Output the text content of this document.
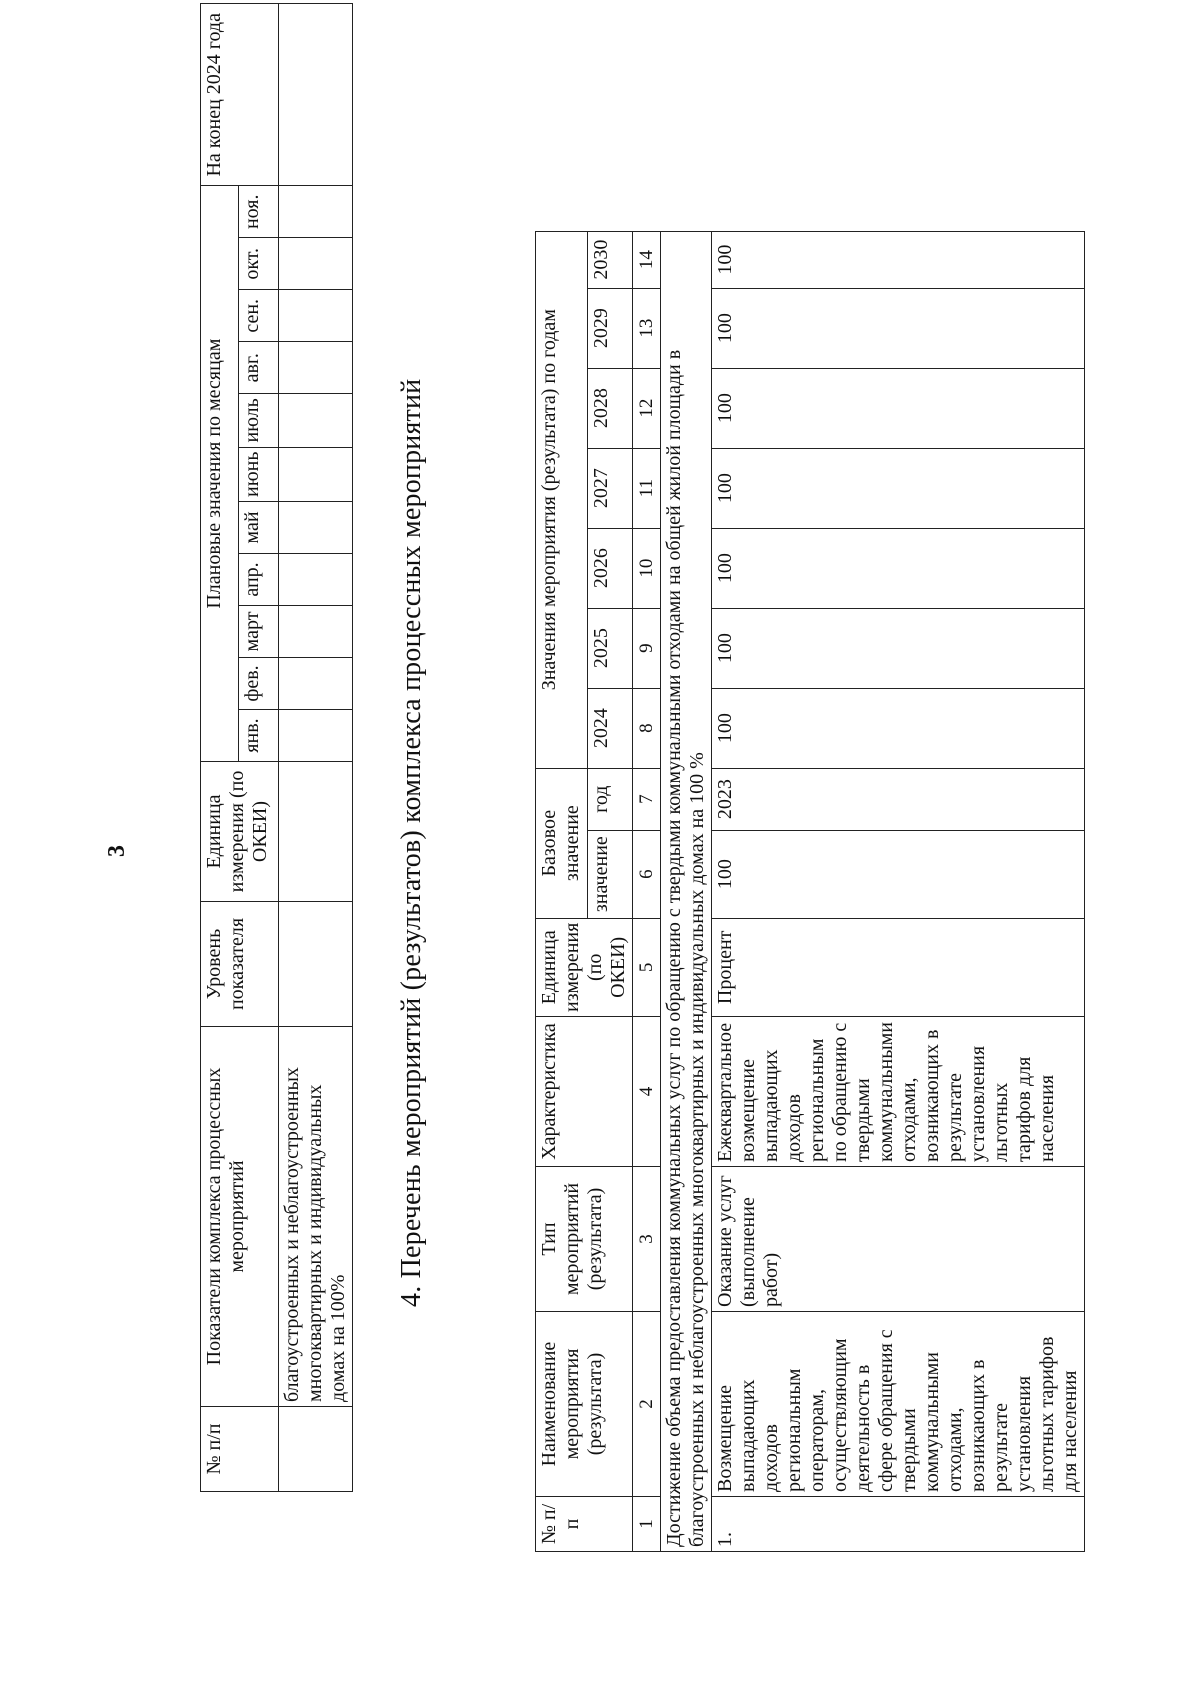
3
№ п/п	Показатели комплекса процессных мероприятий	Уровень показателя	Единица измерения (по ОКЕИ)	Плановые значения по месяцам											На конец 2024 года
				янв.	фев.	март	апр.	май	июнь	июль	авг.	сен.	окт.	ноя.	
	благоустроенных и неблагоустроенных многоквартирных и индивидуальных домах на 100%														
4. Перечень мероприятий (результатов) комплекса процессных мероприятий
№ п/п	Наименование мероприятия (результата)	Тип мероприятий (результата)	Характеристика	Единица измерения (по ОКЕИ)	Базовое значение		Значения мероприятия (результата) по годам						
					значение	год	2024	2025	2026	2027	2028	2029	2030
1	2	3	4	5	6	7	8	9	10	11	12	13	14
Достижение объема предоставления коммунальных услуг по обращению с твердыми коммунальными отходами на общей жилой площади в благоустроенных и неблагоустроенных многоквартирных и индивидуальных домах на 100 %													
1.	Возмещение выпадающих доходов региональным операторам, осуществляющим деятельность в сфере обращения с твердыми коммунальными отходами, возникающих в результате установления льготных тарифов для населения	Оказание услуг (выполнение работ)	Ежеквартальное возмещение выпадающих доходов региональным по обращению с твердыми коммунальными отходами, возникающих в результате установления льготных тарифов для населения	Процент	100	2023	100	100	100	100	100	100	100
